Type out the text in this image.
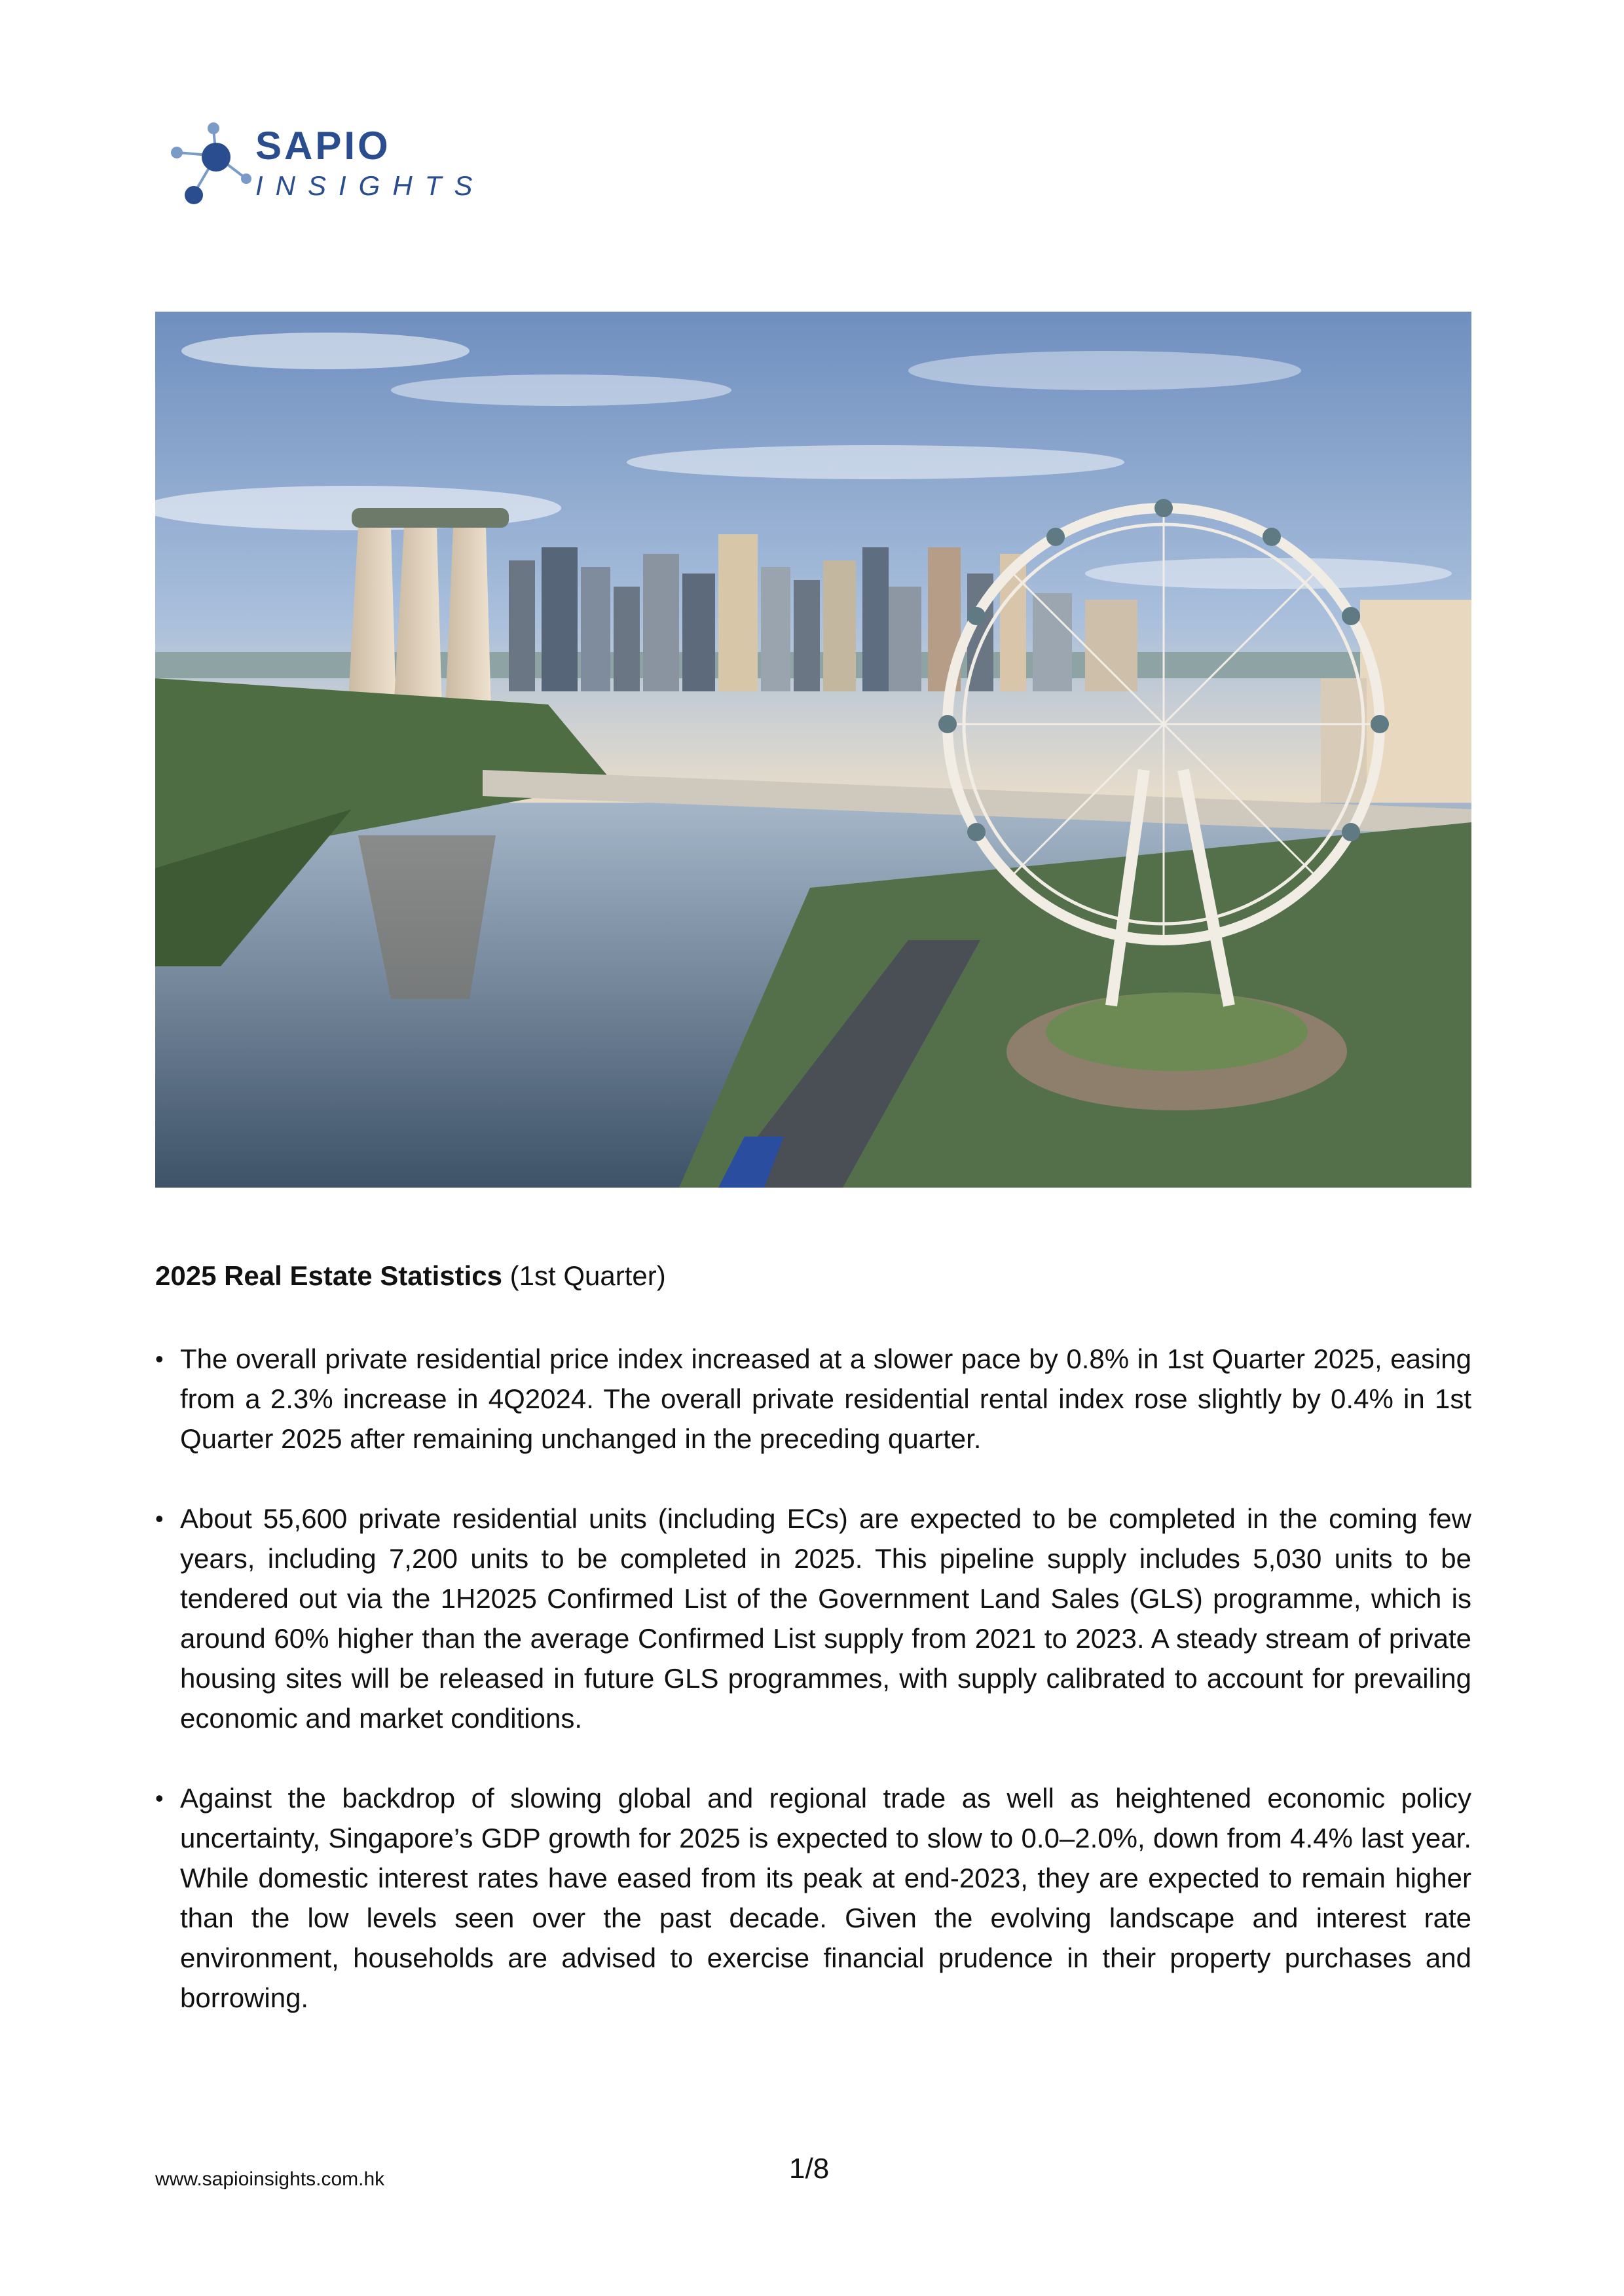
SAPIO
INSIGHTS
2025 Real Estate Statistics (1st Quarter)
• The overall private residential price index increased at a slower pace by 0.8% in 1st Quarter 2025, easing from a 2.3% increase in 4Q2024. The overall private residential rental index rose slightly by 0.4% in 1st Quarter 2025 after remaining unchanged in the preceding quarter.
• About 55,600 private residential units (including ECs) are expected to be completed in the coming few years, including 7,200 units to be completed in 2025. This pipeline supply includes 5,030 units to be tendered out via the 1H2025 Confirmed List of the Government Land Sales (GLS) programme, which is around 60% higher than the average Confirmed List supply from 2021 to 2023. A steady stream of private housing sites will be released in future GLS programmes, with supply calibrated to account for prevailing economic and market conditions.
• Against the backdrop of slowing global and regional trade as well as heightened economic policy uncertainty, Singapore’s GDP growth for 2025 is expected to slow to 0.0–2.0%, down from 4.4% last year. While domestic interest rates have eased from its peak at end-2023, they are expected to remain higher than the low levels seen over the past decade. Given the evolving landscape and interest rate environment, households are advised to exercise financial prudence in their property purchases and borrowing.
www.sapioinsights.com.hk	1/8
